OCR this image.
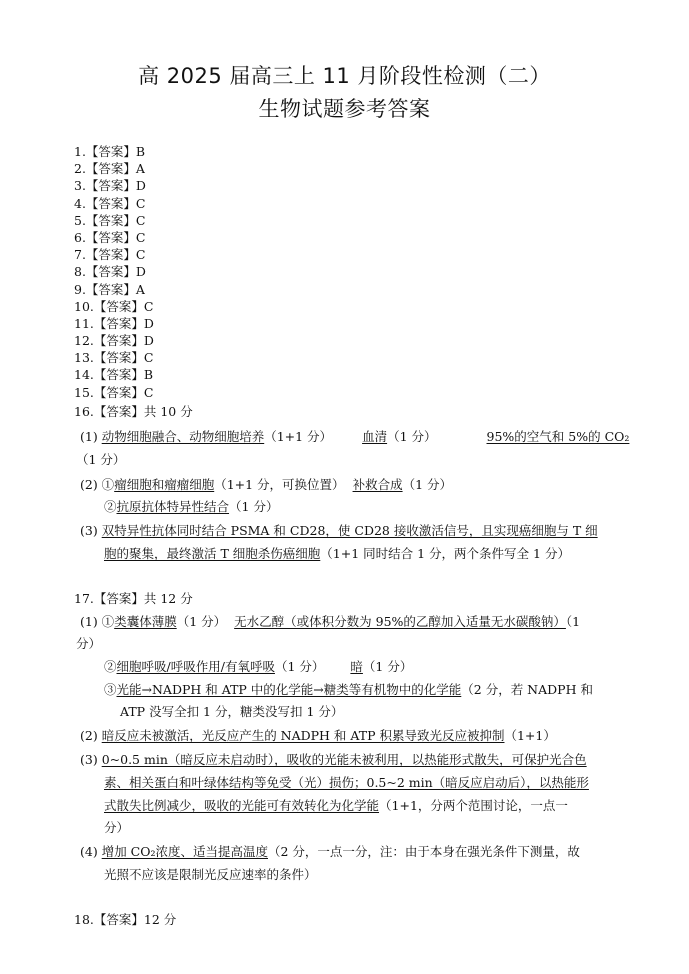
高 2025 届高三上 11 月阶段性检测（二）
生物试题参考答案
1.【答案】B
2.【答案】A
3.【答案】D
4.【答案】C
5.【答案】C
6.【答案】C
7.【答案】C
8.【答案】D
9.【答案】A
10.【答案】C
11.【答案】D
12.【答案】D
13.【答案】C
14.【答案】B
15.【答案】C
16.【答案】共 10 分
(1) 动物细胞融合、动物细胞培养（1+1 分） 血清（1 分）	95%的空气和 5%的 CO₂
（1 分）
(2) ①瘤细胞和瘤瘤细胞（1+1 分，可换位置） 补救合成（1 分）
②抗原抗体特异性结合（1 分）
(3) 双特异性抗体同时结合 PSMA 和 CD28，使 CD28 接收激活信号，且实现癌细胞与 T 细
胞的聚集，最终激活 T 细胞杀伤癌细胞（1+1 同时结合 1 分，两个条件写全 1 分）
17.【答案】共 12 分
(1) ①类囊体薄膜（1 分） 无水乙醇（或体积分数为 95%的乙醇加入适量无水碳酸钠）（1
分）
②细胞呼吸/呼吸作用/有氧呼吸（1 分） 暗（1 分）
③光能→NADPH 和 ATP 中的化学能→糖类等有机物中的化学能（2 分，若 NADPH 和
ATP 没写全扣 1 分，糖类没写扣 1 分）
(2) 暗反应未被激活，光反应产生的 NADPH 和 ATP 积累导致光反应被抑制（1+1）
(3) 0~0.5 min（暗反应未启动时），吸收的光能未被利用，以热能形式散失，可保护光合色
素、相关蛋白和叶绿体结构等免受（光）损伤；0.5~2 min（暗反应启动后），以热能形
式散失比例减少，吸收的光能可有效转化为化学能（1+1，分两个范围讨论，一点一
分）
(4) 增加 CO₂浓度、适当提高温度（2 分，一点一分，注：由于本身在强光条件下测量，故
光照不应该是限制光反应速率的条件）
18.【答案】12 分
